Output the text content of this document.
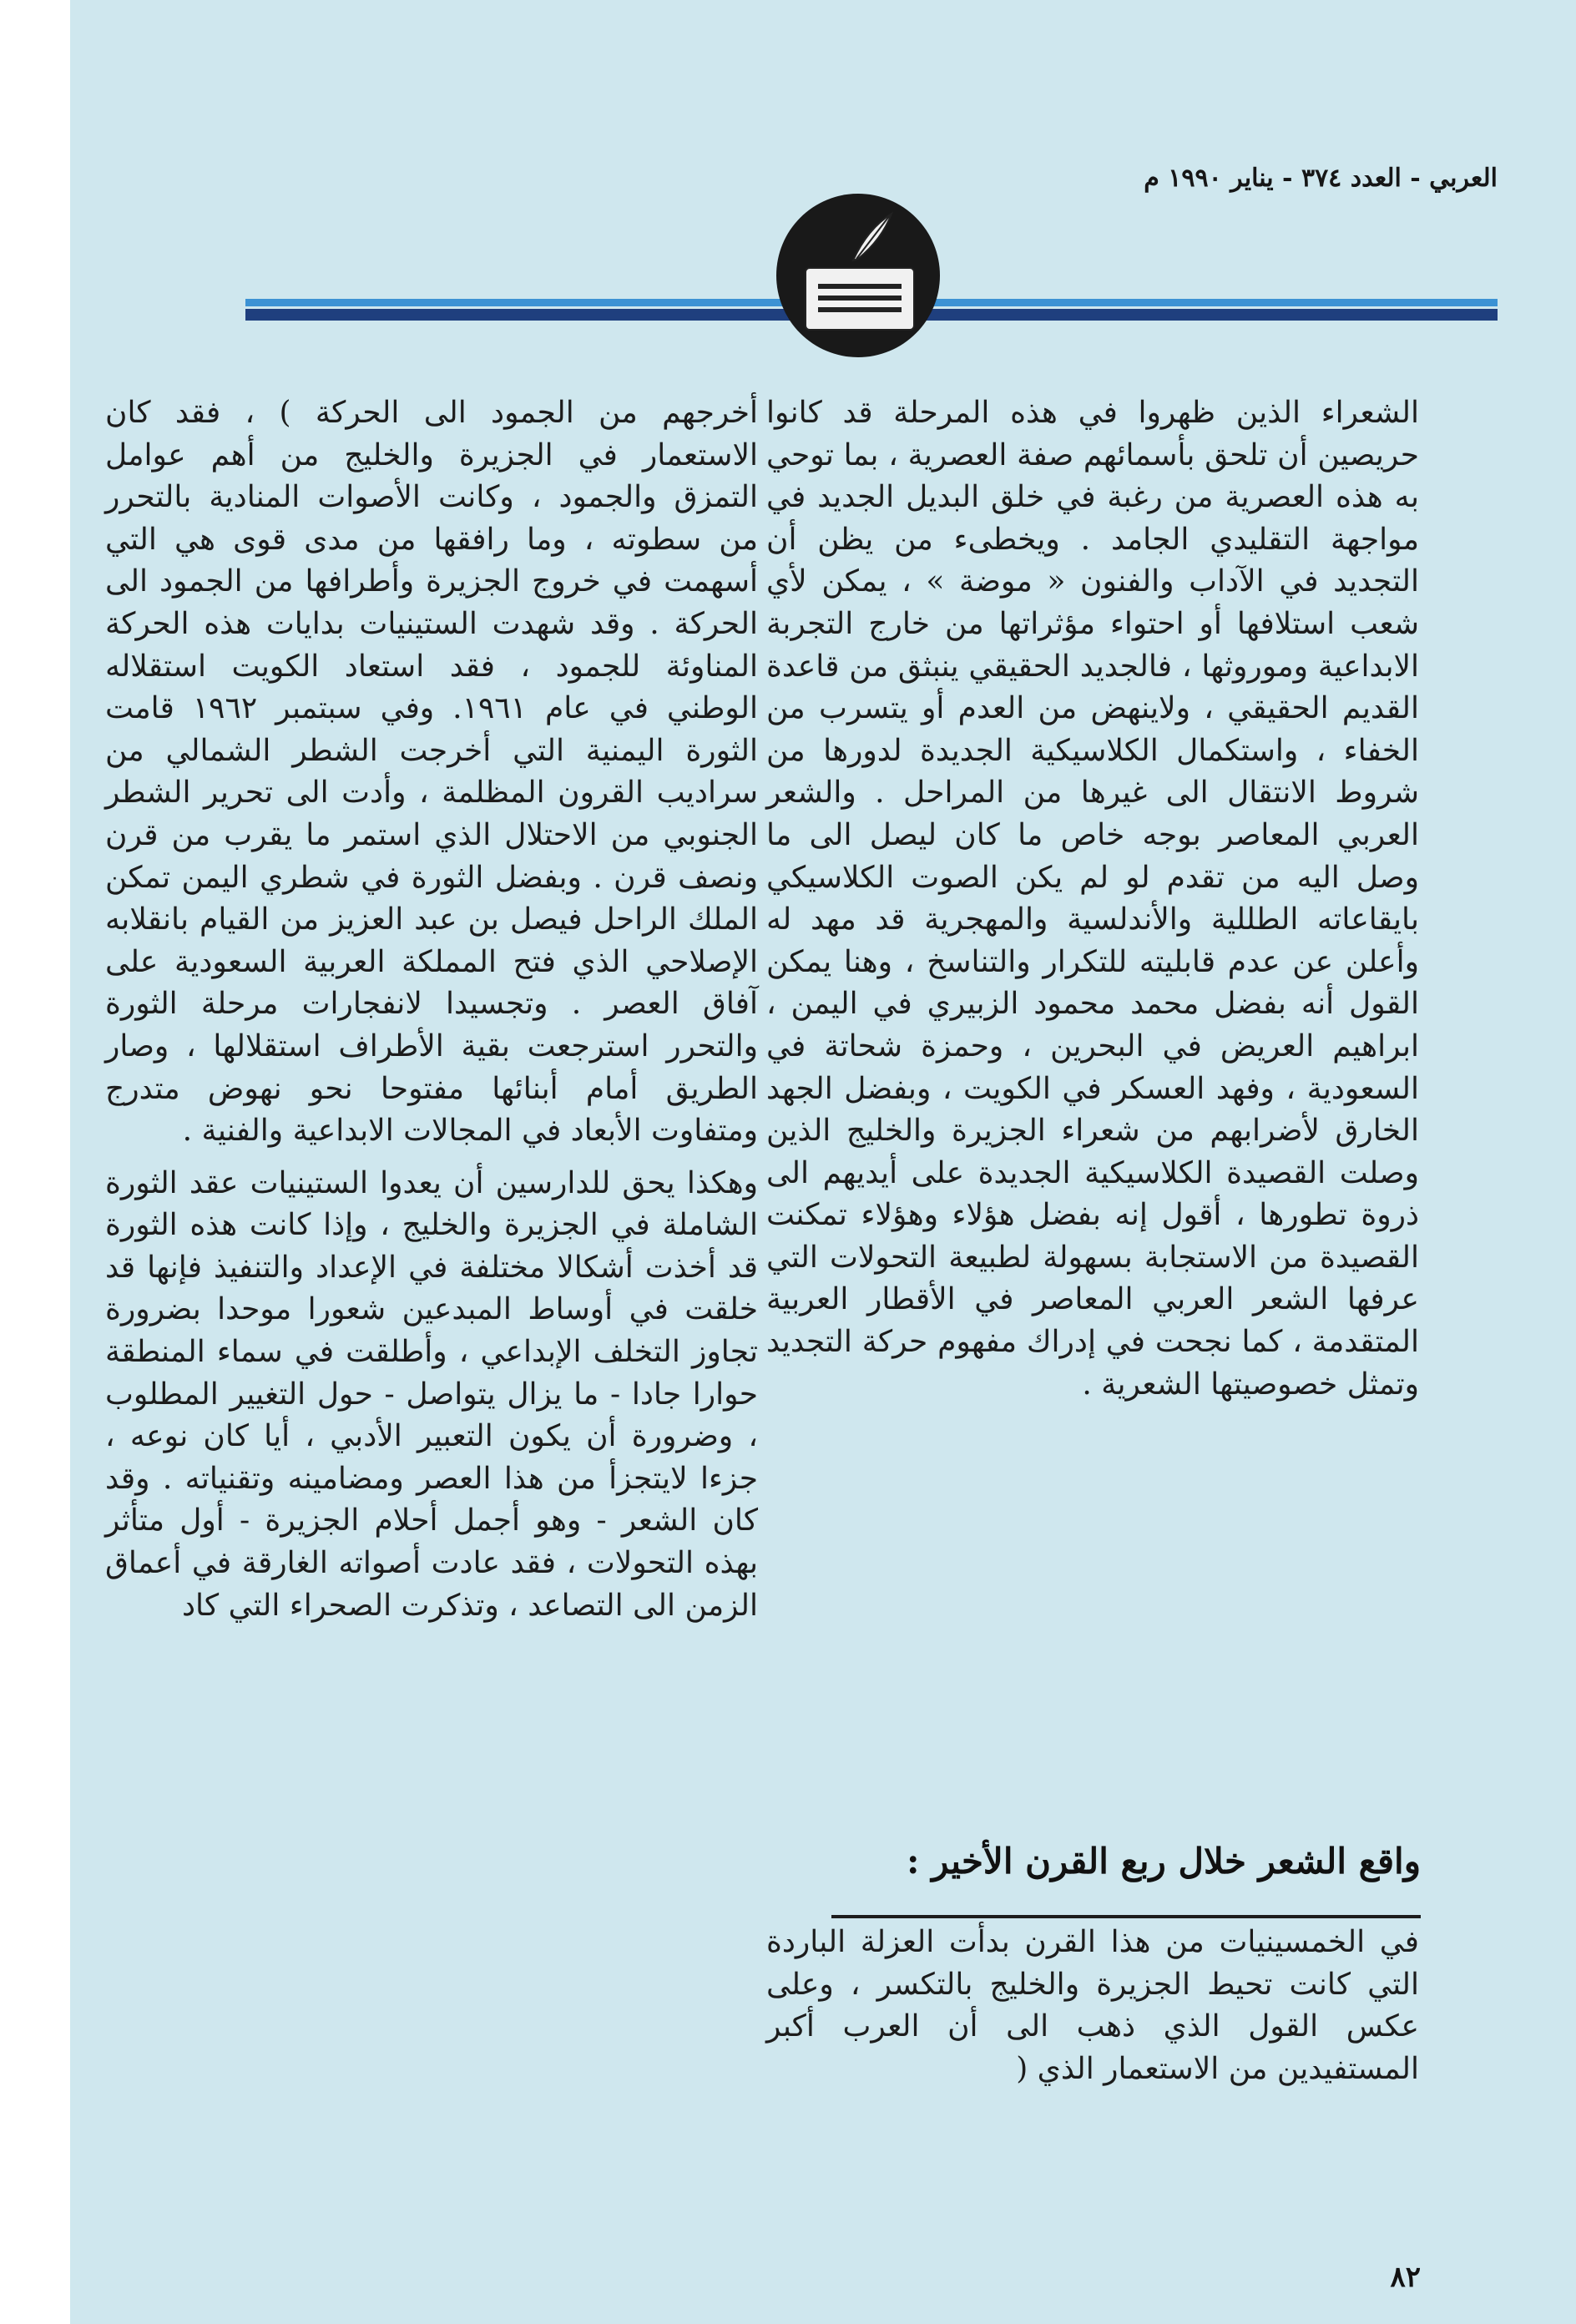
العربي - العدد ٣٧٤ - يناير ١٩٩٠ م

الشعراء الذين ظهروا في هذه المرحلة قد كانوا حريصين أن تلحق بأسمائهم صفة العصرية ، بما توحي به هذه العصرية من رغبة في خلق البديل الجديد في مواجهة التقليدي الجامد . ويخطىء من يظن أن التجديد في الآداب والفنون « موضة » ، يمكن لأي شعب استلافها أو احتواء مؤثراتها من خارج التجربة الابداعية وموروثها ، فالجديد الحقيقي ينبثق من قاعدة القديم الحقيقي ، ولاينهض من العدم أو يتسرب من الخفاء ، واستكمال الكلاسيكية الجديدة لدورها من شروط الانتقال الى غيرها من المراحل . والشعر العربي المعاصر بوجه خاص ما كان ليصل الى ما وصل اليه من تقدم لو لم يكن الصوت الكلاسيكي بايقاعاته الطللية والأندلسية والمهجرية قد مهد له وأعلن عن عدم قابليته للتكرار والتناسخ ، وهنا يمكن القول أنه بفضل محمد محمود الزبيري في اليمن ، ابراهيم العريض في البحرين ، وحمزة شحاتة في السعودية ، وفهد العسكر في الكويت ، وبفضل الجهد الخارق لأضرابهم من شعراء الجزيرة والخليج الذين وصلت القصيدة الكلاسيكية الجديدة على أيديهم الى ذروة تطورها ، أقول إنه بفضل هؤلاء وهؤلاء تمكنت القصيدة من الاستجابة بسهولة لطبيعة التحولات التي عرفها الشعر العربي المعاصر في الأقطار العربية المتقدمة ، كما نجحت في إدراك مفهوم حركة التجديد وتمثل خصوصيتها الشعرية .

واقع الشعر خلال ربع القرن الأخير :

في الخمسينيات من هذا القرن بدأت العزلة الباردة التي كانت تحيط الجزيرة والخليج بالتكسر ، وعلى عكس القول الذي ذهب الى أن العرب أكبر المستفيدين من الاستعمار الذي (

أخرجهم من الجمود الى الحركة ) ، فقد كان الاستعمار في الجزيرة والخليج من أهم عوامل التمزق والجمود ، وكانت الأصوات المنادية بالتحرر من سطوته ، وما رافقها من مدى قوى هي التي أسهمت في خروج الجزيرة وأطرافها من الجمود الى الحركة . وقد شهدت الستينيات بدايات هذه الحركة المناوئة للجمود ، فقد استعاد الكويت استقلاله الوطني في عام ١٩٦١. وفي سبتمبر ١٩٦٢ قامت الثورة اليمنية التي أخرجت الشطر الشمالي من سراديب القرون المظلمة ، وأدت الى تحرير الشطر الجنوبي من الاحتلال الذي استمر ما يقرب من قرن ونصف قرن . وبفضل الثورة في شطري اليمن تمكن الملك الراحل فيصل بن عبد العزيز من القيام بانقلابه الإصلاحي الذي فتح المملكة العربية السعودية على آفاق العصر . وتجسيدا لانفجارات مرحلة الثورة والتحرر استرجعت بقية الأطراف استقلالها ، وصار الطريق أمام أبنائها مفتوحا نحو نهوض متدرج ومتفاوت الأبعاد في المجالات الابداعية والفنية .

وهكذا يحق للدارسين أن يعدوا الستينيات عقد الثورة الشاملة في الجزيرة والخليج ، وإذا كانت هذه الثورة قد أخذت أشكالا مختلفة في الإعداد والتنفيذ فإنها قد خلقت في أوساط المبدعين شعورا موحدا بضرورة تجاوز التخلف الإبداعي ، وأطلقت في سماء المنطقة حوارا جادا - ما يزال يتواصل - حول التغيير المطلوب ، وضرورة أن يكون التعبير الأدبي ، أيا كان نوعه ، جزءا لايتجزأ من هذا العصر ومضامينه وتقنياته . وقد كان الشعر - وهو أجمل أحلام الجزيرة - أول متأثر بهذه التحولات ، فقد عادت أصواته الغارقة في أعماق الزمن الى التصاعد ، وتذكرت الصحراء التي كاد

٨٢
